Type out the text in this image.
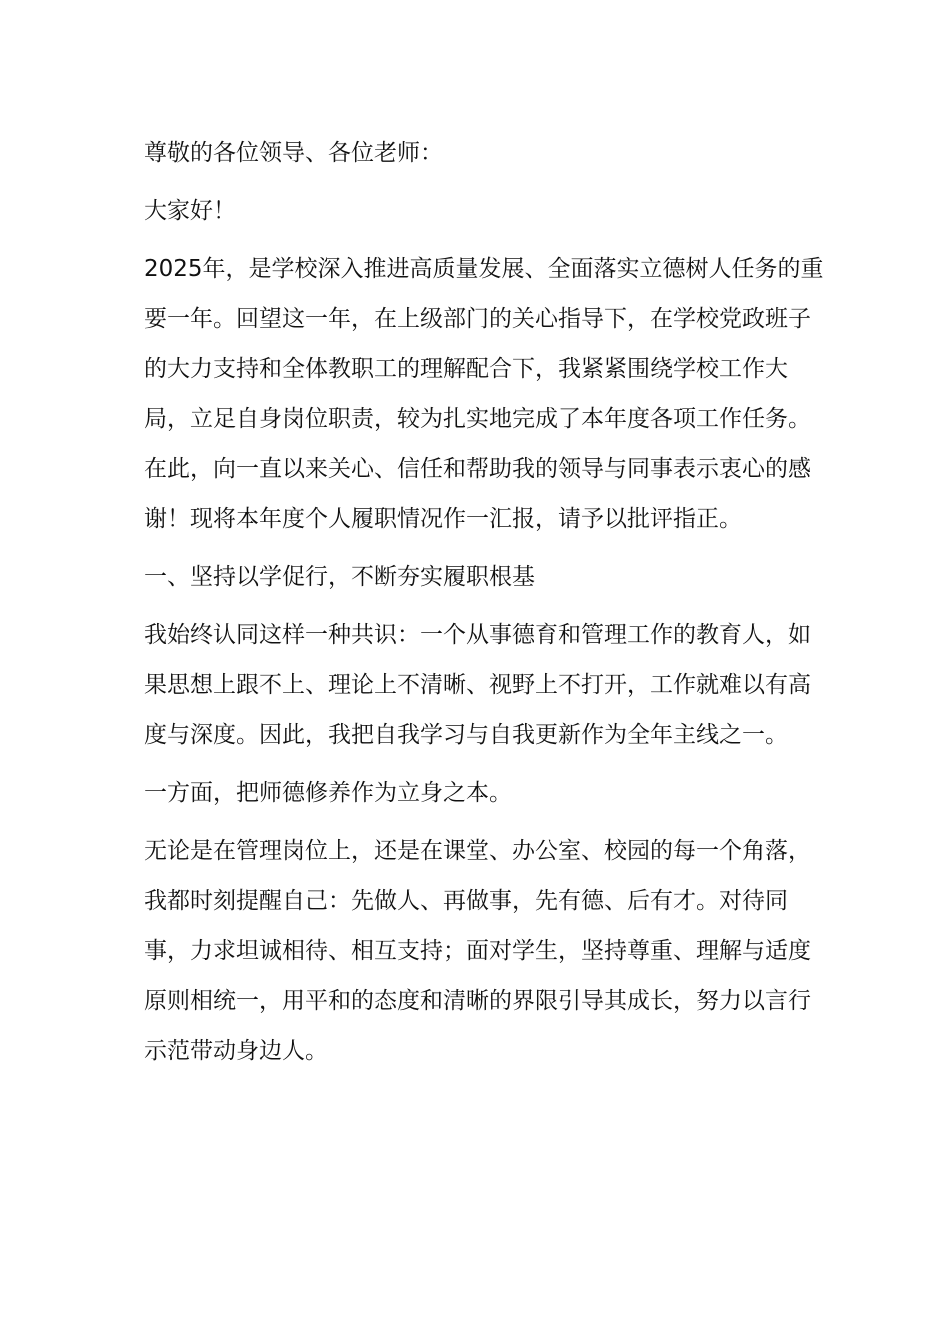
尊敬的各位领导、各位老师：

大家好！

2025年，是学校深入推进高质量发展、全面落实立德树人任务的重要一年。回望这一年，在上级部门的关心指导下，在学校党政班子的大力支持和全体教职工的理解配合下，我紧紧围绕学校工作大局，立足自身岗位职责，较为扎实地完成了本年度各项工作任务。在此，向一直以来关心、信任和帮助我的领导与同事表示衷心的感谢！现将本年度个人履职情况作一汇报，请予以批评指正。

一、坚持以学促行，不断夯实履职根基

我始终认同这样一种共识：一个从事德育和管理工作的教育人，如果思想上跟不上、理论上不清晰、视野上不打开，工作就难以有高度与深度。因此，我把自我学习与自我更新作为全年主线之一。

一方面，把师德修养作为立身之本。

无论是在管理岗位上，还是在课堂、办公室、校园的每一个角落，我都时刻提醒自己：先做人、再做事，先有德、后有才。对待同事，力求坦诚相待、相互支持；面对学生，坚持尊重、理解与适度原则相统一，用平和的态度和清晰的界限引导其成长，努力以言行示范带动身边人。
